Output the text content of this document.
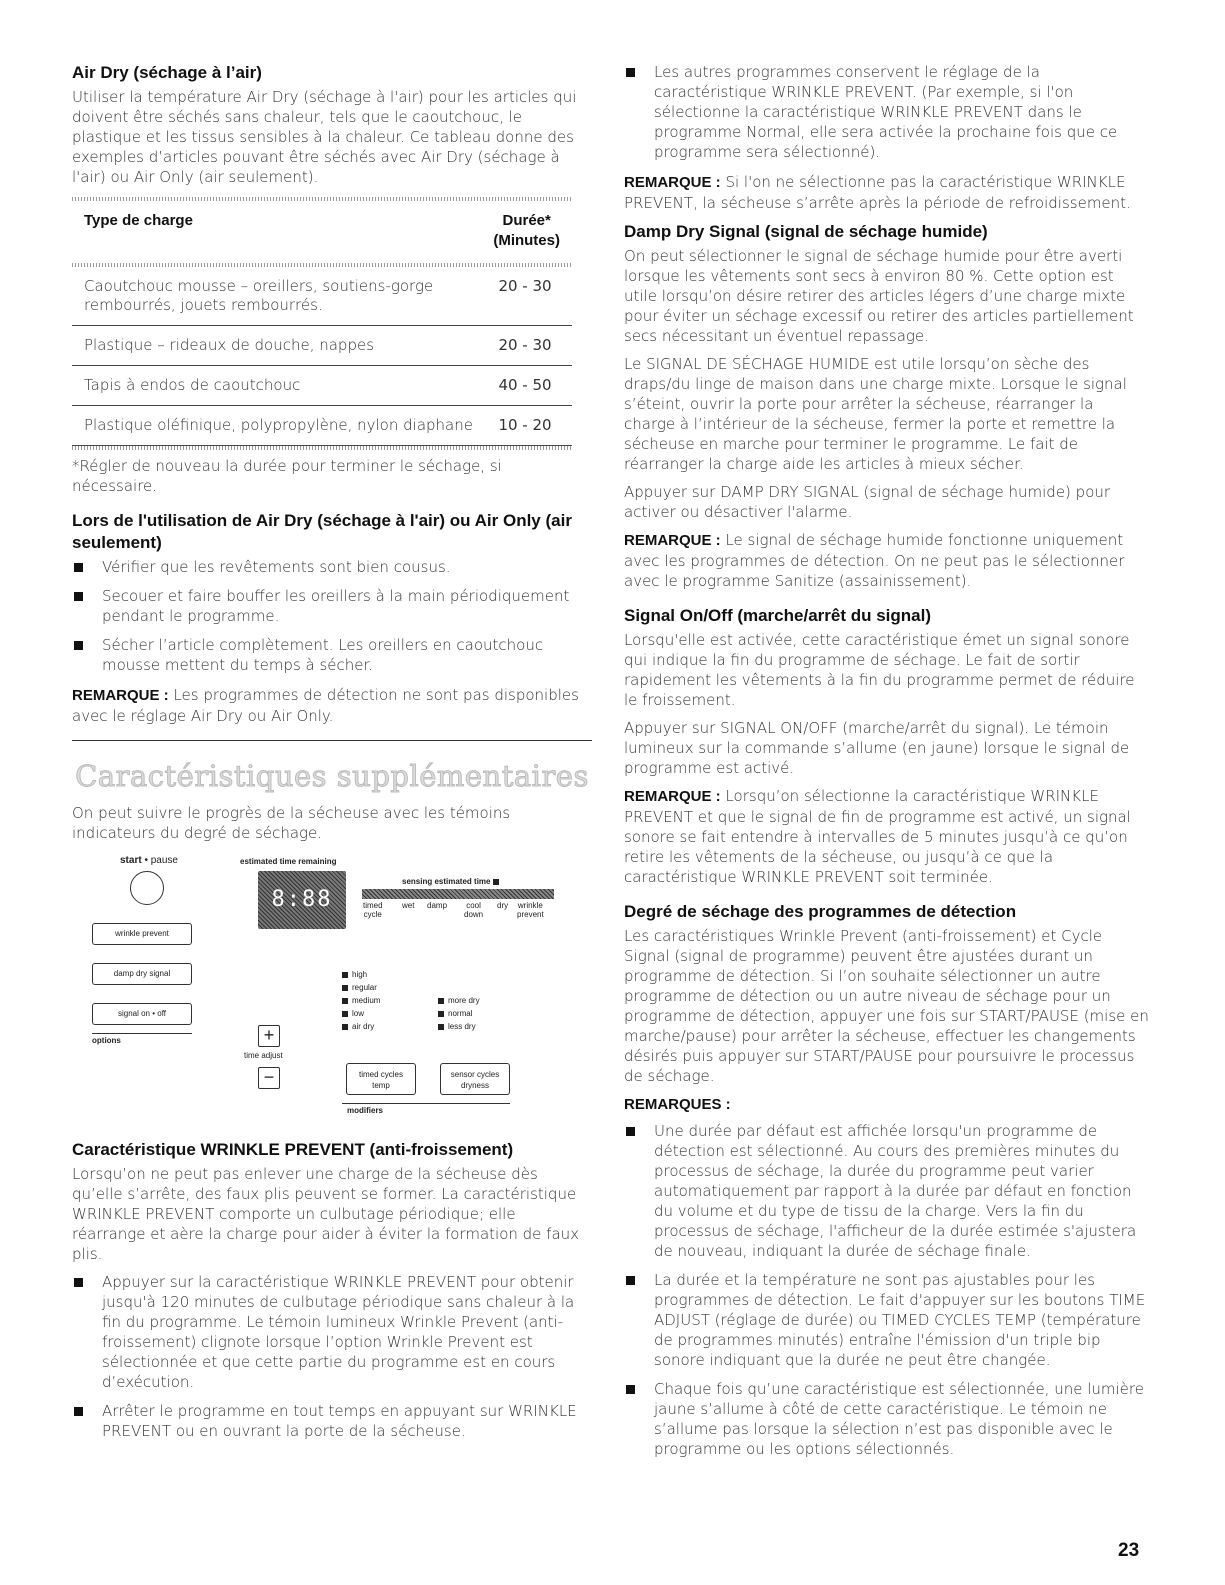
Air Dry (séchage à l’air)

Utiliser la température Air Dry (séchage à l'air) pour les articles qui doivent être séchés sans chaleur, tels que le caoutchouc, le plastique et les tissus sensibles à la chaleur. Ce tableau donne des exemples d’articles pouvant être séchés avec Air Dry (séchage à l'air) ou Air Only (air seulement).

Type de charge	Durée*
(Minutes)
Caoutchouc mousse – oreillers, soutiens-gorge rembourrés, jouets rembourrés.
20 - 30
Plastique – rideaux de douche, nappes	20 - 30
Tapis à endos de caoutchouc	40 - 50
Plastique oléfinique, polypropylène, nylon diaphane	10 - 20

*Régler de nouveau la durée pour terminer le séchage, si nécessaire.

Lors de l'utilisation de Air Dry (séchage à l'air) ou Air Only (air seulement)
Vérifier que les revêtements sont bien cousus.
Secouer et faire bouffer les oreillers à la main périodiquement pendant le programme.
Sécher l’article complètement. Les oreillers en caoutchouc mousse mettent du temps à sécher.

REMARQUE : Les programmes de détection ne sont pas disponibles avec le réglage Air Dry ou Air Only.

Caractéristiques supplémentaires

On peut suivre le progrès de la sécheuse avec les témoins indicateurs du degré de séchage.

start • pause
wrinkle prevent
damp dry signal
signal on • off
options
estimated time remaining
8:88
sensing estimated time
timed
cycle
wet damp cool
down
dry wrinkle
prevent
high
regular
medium
low
air dry
more dry
normal
less dry
+
time adjust
−	timed cycles
temp
sensor cycles
dryness
modifiers
Caractéristique WRINKLE PREVENT (anti-froissement)

Lorsqu’on ne peut pas enlever une charge de la sécheuse dès qu’elle s’arrête, des faux plis peuvent se former. La caractéristique WRINKLE PREVENT comporte un culbutage périodique; elle réarrange et aère la charge pour aider à éviter la formation de faux plis.

Appuyer sur la caractéristique WRINKLE PREVENT pour obtenir jusqu'à 120 minutes de culbutage périodique sans chaleur à la fin du programme. Le témoin lumineux Wrinkle Prevent (anti-froissement) clignote lorsque l’option Wrinkle Prevent est sélectionnée et que cette partie du programme est en cours d’exécution.
Arrêter le programme en tout temps en appuyant sur WRINKLE PREVENT ou en ouvrant la porte de la sécheuse.
Les autres programmes conservent le réglage de la caractéristique WRINKLE PREVENT. (Par exemple, si l'on sélectionne la caractéristique WRINKLE PREVENT dans le programme Normal, elle sera activée la prochaine fois que ce programme sera sélectionné).

REMARQUE : Si l'on ne sélectionne pas la caractéristique WRINKLE PREVENT, la sécheuse s’arrête après la période de refroidissement.

Damp Dry Signal (signal de séchage humide)

On peut sélectionner le signal de séchage humide pour être averti lorsque les vêtements sont secs à environ 80 %. Cette option est utile lorsqu’on désire retirer des articles légers d’une charge mixte pour éviter un séchage excessif ou retirer des articles partiellement secs nécessitant un éventuel repassage.

Le SIGNAL DE SÉCHAGE HUMIDE est utile lorsqu’on sèche des draps/du linge de maison dans une charge mixte. Lorsque le signal s’éteint, ouvrir la porte pour arrêter la sécheuse, réarranger la charge à l’intérieur de la sécheuse, fermer la porte et remettre la sécheuse en marche pour terminer le programme. Le fait de réarranger la charge aide les articles à mieux sécher.

Appuyer sur DAMP DRY SIGNAL (signal de séchage humide) pour activer ou désactiver l'alarme.

REMARQUE : Le signal de séchage humide fonctionne uniquement avec les programmes de détection. On ne peut pas le sélectionner avec le programme Sanitize (assainissement).

Signal On/Off (marche/arrêt du signal)

Lorsqu'elle est activée, cette caractéristique émet un signal sonore qui indique la fin du programme de séchage. Le fait de sortir rapidement les vêtements à la fin du programme permet de réduire le froissement.

Appuyer sur SIGNAL ON/OFF (marche/arrêt du signal). Le témoin lumineux sur la commande s’allume (en jaune) lorsque le signal de programme est activé.

REMARQUE : Lorsqu’on sélectionne la caractéristique WRINKLE PREVENT et que le signal de fin de programme est activé, un signal sonore se fait entendre à intervalles de 5 minutes jusqu’à ce qu’on retire les vêtements de la sécheuse, ou jusqu’à ce que la caractéristique WRINKLE PREVENT soit terminée.

Degré de séchage des programmes de détection

Les caractéristiques Wrinkle Prevent (anti-froissement) et Cycle Signal (signal de programme) peuvent être ajustées durant un programme de détection. Si l’on souhaite sélectionner un autre programme de détection ou un autre niveau de séchage pour un programme de détection, appuyer une fois sur START/PAUSE (mise en marche/pause) pour arrêter la sécheuse, effectuer les changements désirés puis appuyer sur START/PAUSE pour poursuivre le processus de séchage.

REMARQUES :

Une durée par défaut est affichée lorsqu'un programme de détection est sélectionné. Au cours des premières minutes du processus de séchage, la durée du programme peut varier automatiquement par rapport à la durée par défaut en fonction du volume et du type de tissu de la charge. Vers la fin du processus de séchage, l'afficheur de la durée estimée s'ajustera de nouveau, indiquant la durée de séchage finale.
La durée et la température ne sont pas ajustables pour les programmes de détection. Le fait d'appuyer sur les boutons TIME ADJUST (réglage de durée) ou TIMED CYCLES TEMP (température de programmes minutés) entraîne l'émission d'un triple bip sonore indiquant que la durée ne peut être changée.
Chaque fois qu’une caractéristique est sélectionnée, une lumière jaune s’allume à côté de cette caractéristique. Le témoin ne s’allume pas lorsque la sélection n’est pas disponible avec le programme ou les options sélectionnés.
23
